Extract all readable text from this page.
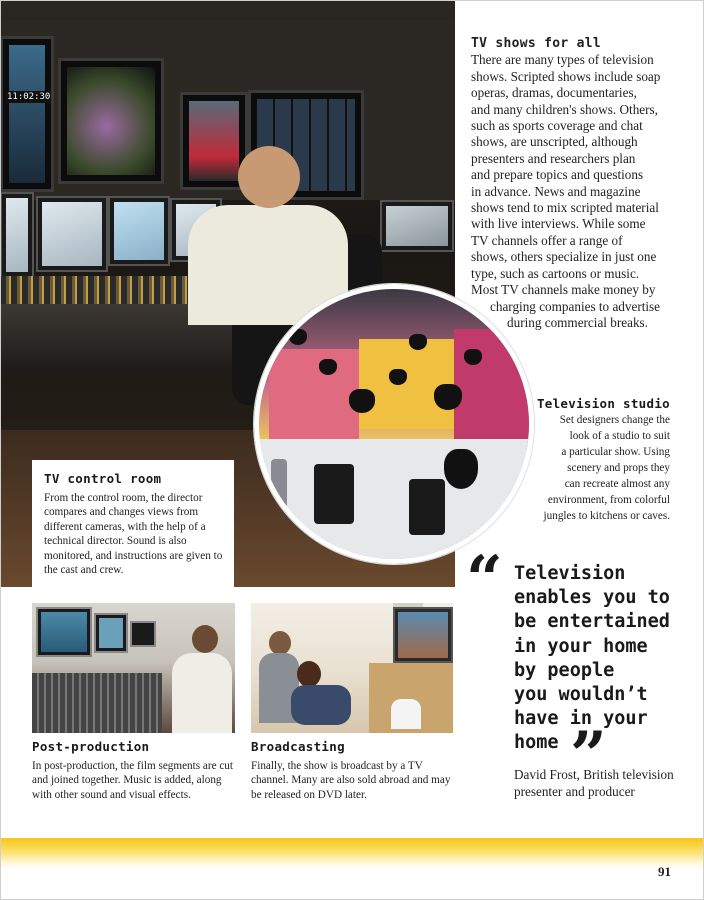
11:02:30
TV shows for all

There are many types of television

shows. Scripted shows include soap

operas, dramas, documentaries,

and many children's shows. Others,

such as sports coverage and chat

shows, are unscripted, although

presenters and researchers plan

and prepare topics and questions

in advance. News and magazine

shows tend to mix scripted material

with live interviews. While some

TV channels offer a range of

shows, others specialize in just one

type, such as cartoons or music.

Most TV channels make money by

charging companies to advertise

during commercial breaks.

Television studio
Set designers change the
look of a studio to suit
a particular show. Using
scenery and props they
can recreate almost any
environment, from colorful
jungles to kitchens or caves.
TV control room
From the control room, the director compares and changes views from different cameras, with the help of a technical director. Sound is also monitored, and instructions are given to the cast and crew.
Post-production
In post-production, the film segments are cut and joined together. Music is added, along with other sound and visual effects.
Broadcasting
Finally, the show is broadcast by a TV channel. Many are also sold abroad and may be released on DVD later.
“ Television
enables you to
be entertained
in your home
by people
you wouldn’t
have in your
home ”
David Frost, British television
presenter and producer
91
